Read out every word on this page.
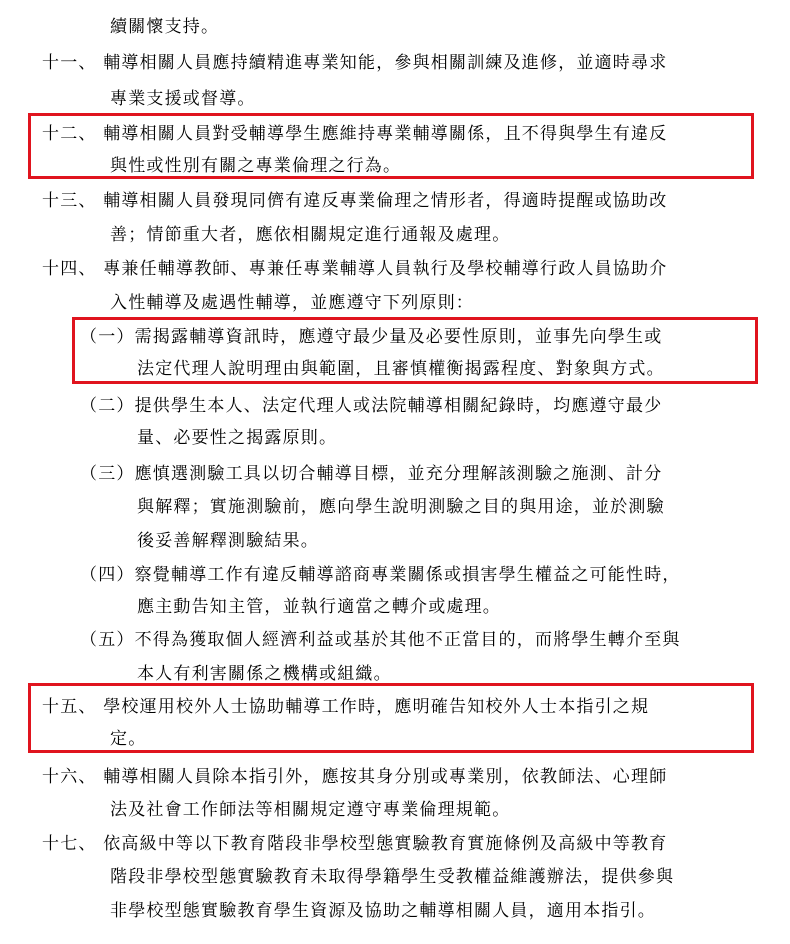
續關懷支持。
十一、 輔導相關人員應持續精進專業知能，參與相關訓練及進修，並適時尋求
專業支援或督導。
十二、 輔導相關人員對受輔導學生應維持專業輔導關係，且不得與學生有違反
與性或性別有關之專業倫理之行為。
十三、 輔導相關人員發現同儕有違反專業倫理之情形者，得適時提醒或協助改
善；情節重大者，應依相關規定進行通報及處理。
十四、 專兼任輔導教師、專兼任專業輔導人員執行及學校輔導行政人員協助介
入性輔導及處遇性輔導，並應遵守下列原則：
（一）需揭露輔導資訊時，應遵守最少量及必要性原則，並事先向學生或
法定代理人說明理由與範圍，且審慎權衡揭露程度、對象與方式。
（二）提供學生本人、法定代理人或法院輔導相關紀錄時，均應遵守最少
量、必要性之揭露原則。
（三）應慎選測驗工具以切合輔導目標，並充分理解該測驗之施測、計分
與解釋；實施測驗前，應向學生說明測驗之目的與用途，並於測驗
後妥善解釋測驗結果。
（四）察覺輔導工作有違反輔導諮商專業關係或損害學生權益之可能性時，
應主動告知主管，並執行適當之轉介或處理。
（五）不得為獲取個人經濟利益或基於其他不正當目的，而將學生轉介至與
本人有利害關係之機構或組織。
十五、 學校運用校外人士協助輔導工作時，應明確告知校外人士本指引之規
定。
十六、 輔導相關人員除本指引外，應按其身分別或專業別，依教師法、心理師
法及社會工作師法等相關規定遵守專業倫理規範。
十七、 依高級中等以下教育階段非學校型態實驗教育實施條例及高級中等教育
階段非學校型態實驗教育未取得學籍學生受教權益維護辦法，提供參與
非學校型態實驗教育學生資源及協助之輔導相關人員，適用本指引。
